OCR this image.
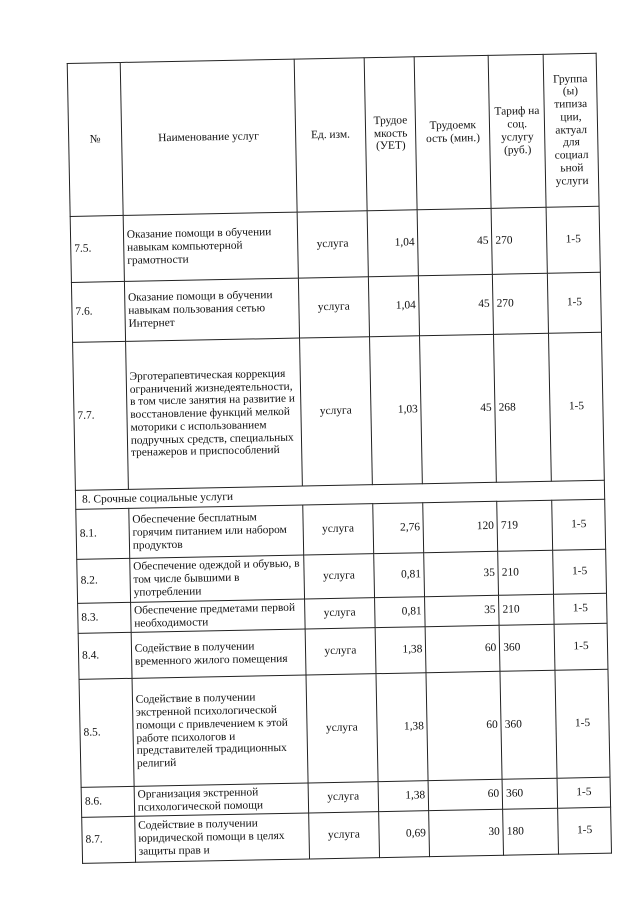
№	Наименование услуг	Ед. изм.	Трудое мкость (УЕТ)	Трудоемк ость (мин.)	Тариф на соц. услугу (руб.)	Группа (ы) типиза ции, актуал для социал ьной услуги
7.5.	Оказание помощи в обучении навыкам компьютерной грамотности	услуга	1,04	45	270	1-5
7.6.	Оказание помощи в обучении навыкам пользования сетью Интернет	услуга	1,04	45	270	1-5
7.7.	Эрготерапевтическая коррекция ограничений жизнедеятельности, в том числе занятия на развитие и восстановление функций мелкой моторики с использованием подручных средств, специальных тренажеров и приспособлений	услуга	1,03	45	268	1-5
8. Срочные социальные услуги						
8.1.	Обеспечение бесплатным горячим питанием или набором продуктов	услуга	2,76	120	719	1-5
8.2.	Обеспечение одеждой и обувью, в том числе бывшими в употреблении	услуга	0,81	35	210	1-5
8.3.	Обеспечение предметами первой необходимости	услуга	0,81	35	210	1-5
8.4.	Содействие в получении временного жилого помещения	услуга	1,38	60	360	1-5
8.5.	Содействие в получении экстренной психологической помощи с привлечением к этой работе психологов и представителей традиционных религий	услуга	1,38	60	360	1-5
8.6.	Организация экстренной психологической помощи	услуга	1,38	60	360	1-5
8.7.	Содействие в получении юридической помощи в целях защиты прав и	услуга	0,69	30	180	1-5
